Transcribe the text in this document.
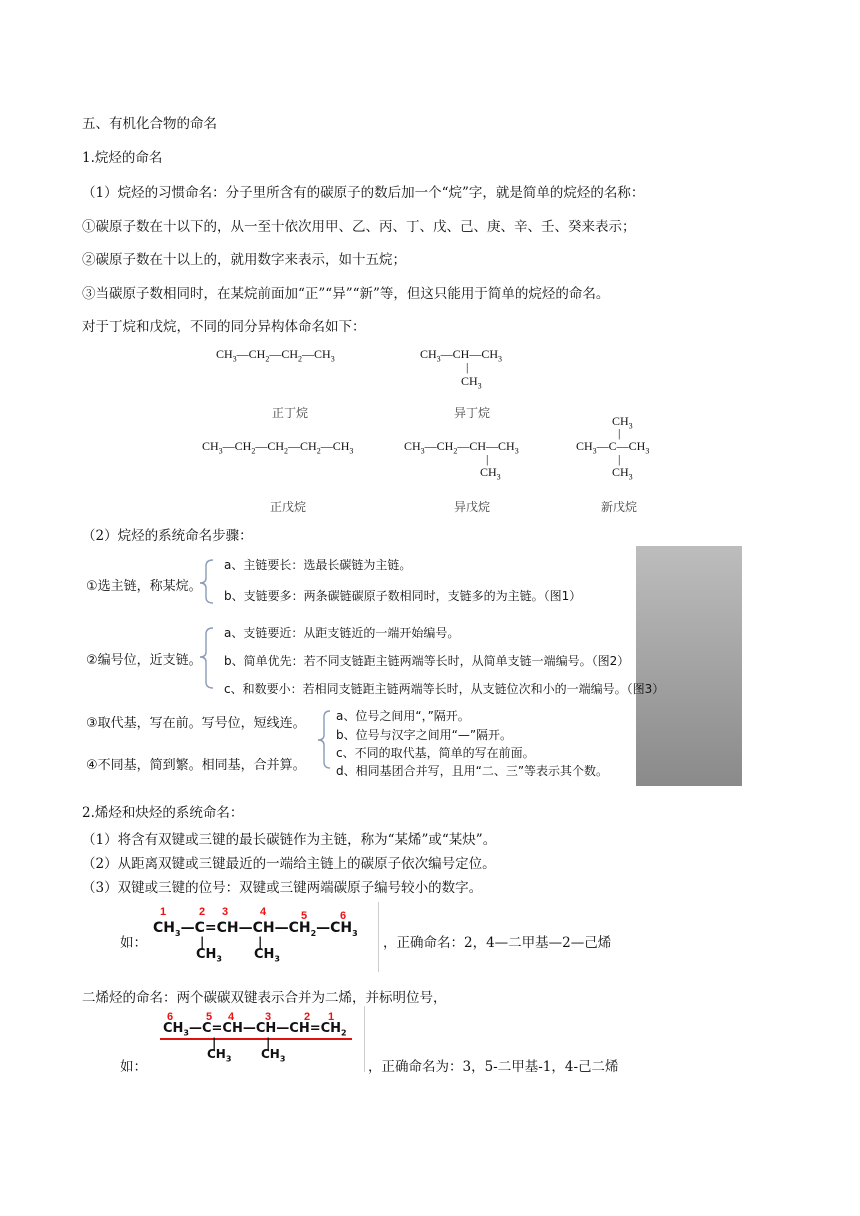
五、有机化合物的命名
1.烷烃的命名
（1）烷烃的习惯命名：分子里所含有的碳原子的数后加一个“烷”字，就是简单的烷烃的名称：
①碳原子数在十以下的，从一至十依次用甲、乙、丙、丁、戊、己、庚、辛、壬、癸来表示；
②碳原子数在十以上的，就用数字来表示，如十五烷；
③当碳原子数相同时，在某烷前面加“正”“异”“新”等，但这只能用于简单的烷烃的命名。
对于丁烷和戊烷，不同的同分异构体命名如下：
$CH_3—CH_2—CH_2—CH_3$	$CH_3—CH—CH_3$
|
$CH_3$
正丁烷	异丁烷
$CH_3—CH_2—CH_2—CH_2—CH_3$	$CH_3—CH_2—CH—CH_3$
|
$CH_3$
$CH_3$
|
$CH_3—C—CH_3$
|
$CH_3$
正戊烷	异戊烷	新戊烷
（2）烷烃的系统命名步骤：
①选主链，称某烷。
a、主链要长：选最长碳链为主链。
b、支链要多：两条碳链碳原子数相同时，支链多的为主链。（图1）
②编号位，近支链。
a、支链要近：从距支链近的一端开始编号。
b、简单优先：若不同支链距主链两端等长时，从简单支链一端编号。（图2）
c、和数要小：若相同支链距主链两端等长时，从支链位次和小的一端编号。（图3）
③取代基，写在前。写号位，短线连。
④不同基，简到繁。相同基，合并算。
a、位号之间用“，”隔开。
b、位号与汉字之间用“—”隔开。
c、不同的取代基，简单的写在前面。
d、相同基团合并写，且用“二、三”等表示其个数。
2.烯烃和炔烃的系统命名：
（1）将含有双键或三键的最长碳链作为主链，称为“某烯”或“某炔”。
（2）从距离双键或三键最近的一端给主链上的碳原子依次编号定位。
（3）双键或三键的位号：双键或三键两端碳原子编号较小的数字。
如：
1	2 3	4	5	6
$CH_3—C=CH—CH—CH_2—CH_3$
|	|
$CH_3$ $CH_3$
，正确命名：2，4—二甲基—2—己烯
二烯烃的命名：两个碳碳双键表示合并为二烯，并标明位号，
如：
6	5 4	3	2 1
$CH_3—C=CH—CH—CH=CH_2$
|	|
$CH_3$ $CH_3$
，正确命名为：3，5-二甲基-1，4-己二烯
